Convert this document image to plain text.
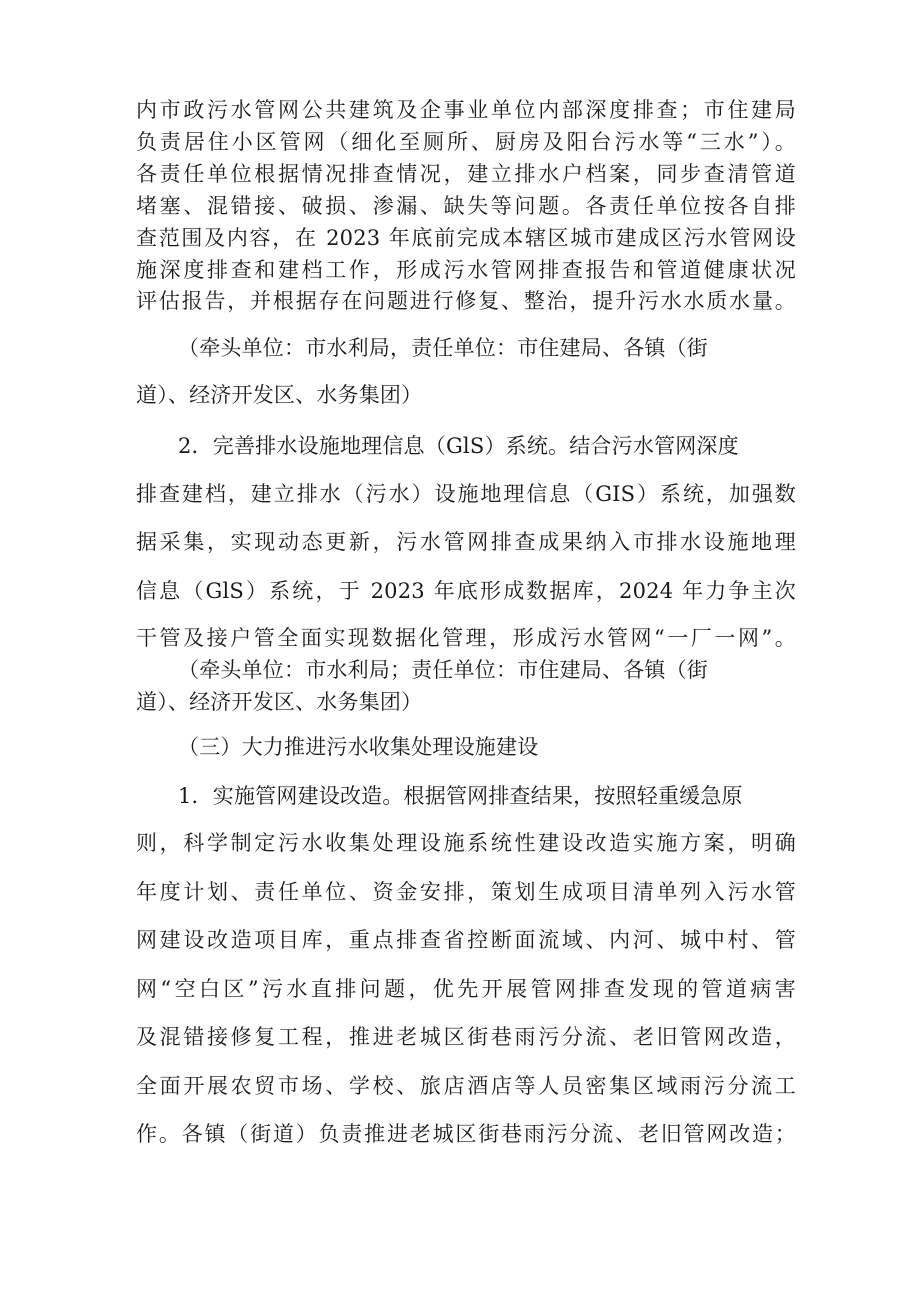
内市政污水管网公共建筑及企事业单位内部深度排查；市住建局
负责居住小区管网（细化至厕所、厨房及阳台污水等“三水”）。
各责任单位根据情况排查情况，建立排水户档案，同步查清管道
堵塞、混错接、破损、渗漏、缺失等问题。各责任单位按各自排
查范围及内容，在 2023 年底前完成本辖区城市建成区污水管网设
施深度排查和建档工作，形成污水管网排查报告和管道健康状况
评估报告，并根据存在问题进行修复、整治，提升污水水质水量。
（牵头单位：市水利局，责任单位：市住建局、各镇（街
道）、经济开发区、水务集团）
2．完善排水设施地理信息（GlS）系统。结合污水管网深度
排查建档，建立排水（污水）设施地理信息（GIS）系统，加强数
据采集，实现动态更新，污水管网排查成果纳入市排水设施地理
信息（GlS）系统，于 2023 年底形成数据库，2024 年力争主次
干管及接户管全面实现数据化管理，形成污水管网“一厂一网”。
（牵头单位：市水利局；责任单位：市住建局、各镇（街
道）、经济开发区、水务集团）
（三）大力推进污水收集处理设施建设
1．实施管网建设改造。根据管网排查结果，按照轻重缓急原
则，科学制定污水收集处理设施系统性建设改造实施方案，明确
年度计划、责任单位、资金安排，策划生成项目清单列入污水管
网建设改造项目库，重点排查省控断面流域、内河、城中村、管
网“空白区”污水直排问题，优先开展管网排查发现的管道病害
及混错接修复工程，推进老城区街巷雨污分流、老旧管网改造，
全面开展农贸市场、学校、旅店酒店等人员密集区域雨污分流工
作。各镇（街道）负责推进老城区街巷雨污分流、老旧管网改造；
